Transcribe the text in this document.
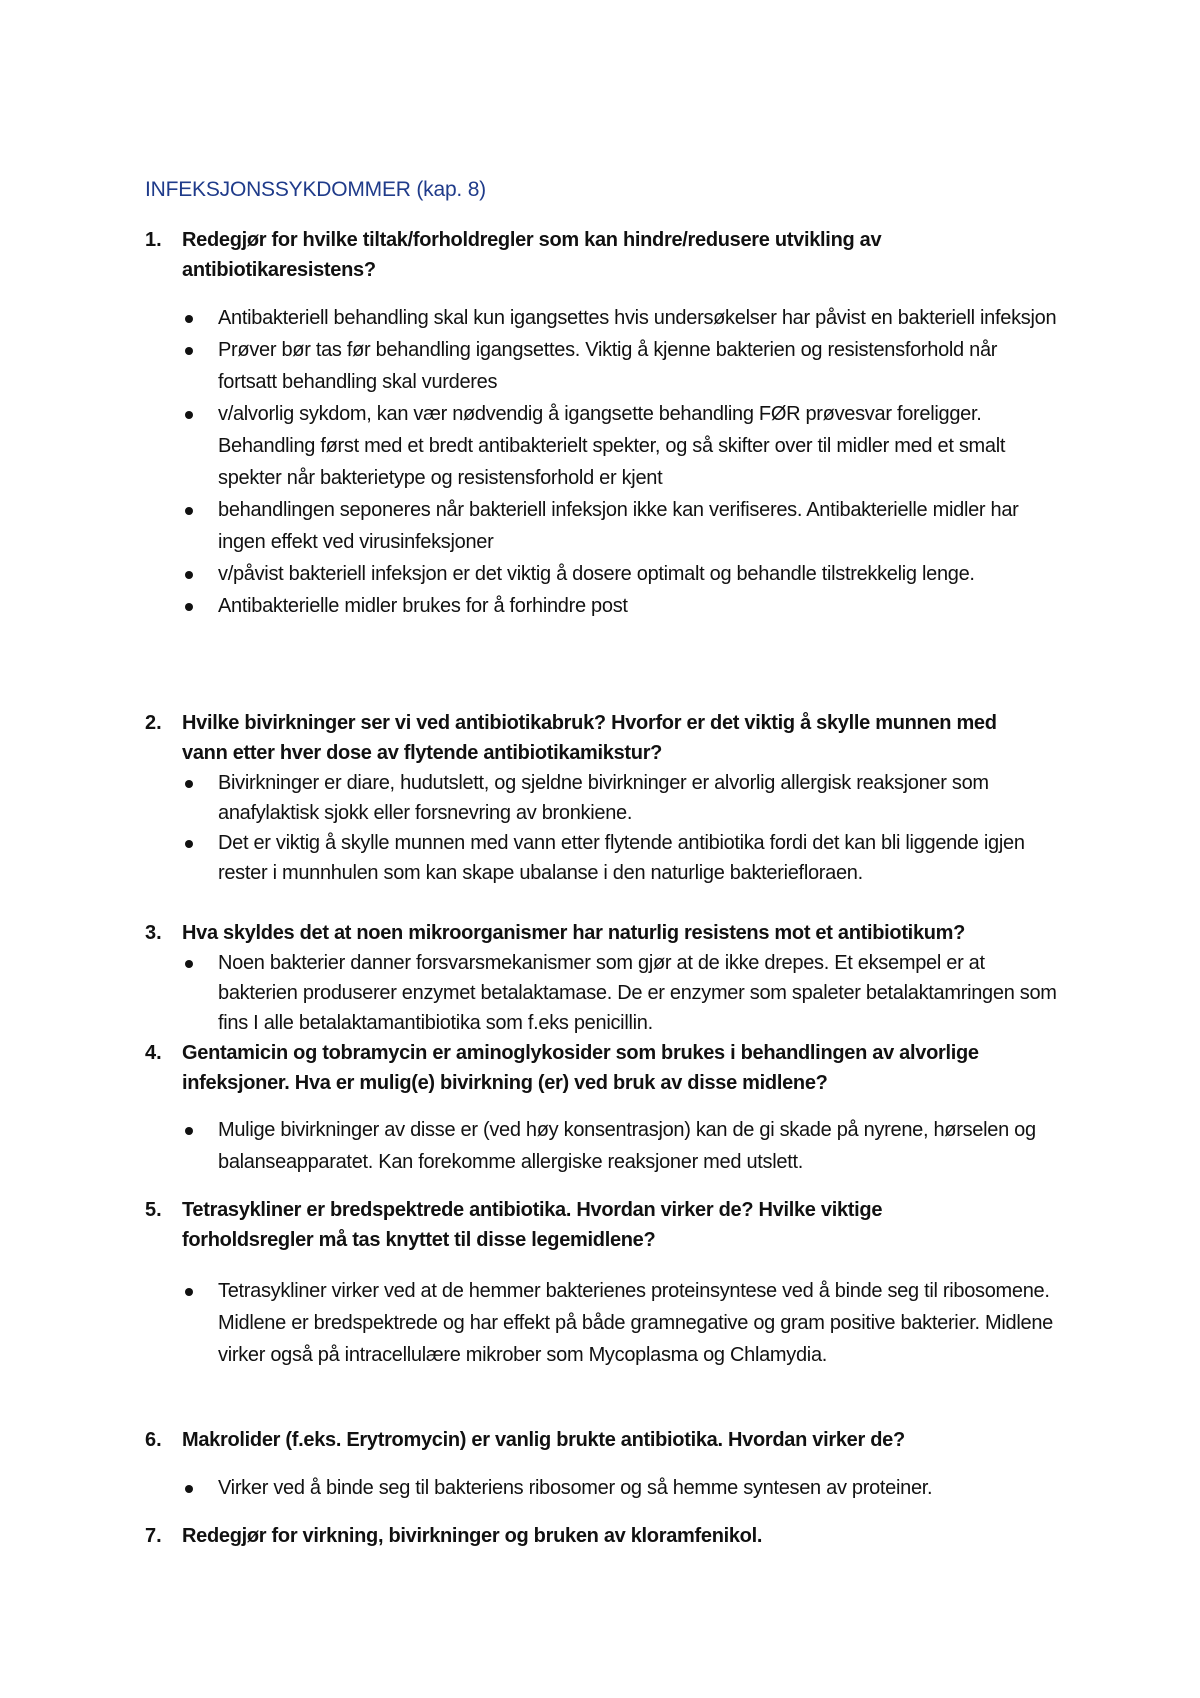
INFEKSJONSSYKDOMMER (kap. 8)
1.	Redegjør for hvilke tiltak/forholdregler som kan hindre/redusere utvikling av antibiotikaresistens?
Antibakteriell behandling skal kun igangsettes hvis undersøkelser har påvist en bakteriell infeksjon
Prøver bør tas før behandling igangsettes. Viktig å kjenne bakterien og resistensforhold når fortsatt behandling skal vurderes
v/alvorlig sykdom, kan vær nødvendig å igangsette behandling FØR prøvesvar foreligger. Behandling først med et bredt antibakterielt spekter, og så skifter over til midler med et smalt spekter når bakterietype og resistensforhold er kjent
behandlingen seponeres når bakteriell infeksjon ikke kan verifiseres. Antibakterielle midler har ingen effekt ved virusinfeksjoner
v/påvist bakteriell infeksjon er det viktig å dosere optimalt og behandle tilstrekkelig lenge.
Antibakterielle midler brukes for å forhindre post
2.	Hvilke bivirkninger ser vi ved antibiotikabruk? Hvorfor er det viktig å skylle munnen med vann etter hver dose av flytende antibiotikamikstur?
Bivirkninger er diare, hudutslett, og sjeldne bivirkninger er alvorlig allergisk reaksjoner som anafylaktisk sjokk eller forsnevring av bronkiene.
Det er viktig å skylle munnen med vann etter flytende antibiotika fordi det kan bli liggende igjen rester i munnhulen som kan skape ubalanse i den naturlige bakteriefloraen.
3.	Hva skyldes det at noen mikroorganismer har naturlig resistens mot et antibiotikum?
Noen bakterier danner forsvarsmekanismer som gjør at de ikke drepes. Et eksempel er at bakterien produserer enzymet betalaktamase. De er enzymer som spaleter betalaktamringen som fins I alle betalaktamantibiotika som f.eks penicillin.
4.	Gentamicin og tobramycin er aminoglykosider som brukes i behandlingen av alvorlige infeksjoner. Hva er mulig(e) bivirkning (er) ved bruk av disse midlene?
Mulige bivirkninger av disse er (ved høy konsentrasjon) kan de gi skade på nyrene, hørselen og balanseapparatet. Kan forekomme allergiske reaksjoner med utslett.
5.	Tetrasykliner er bredspektrede antibiotika. Hvordan virker de? Hvilke viktige forholdsregler må tas knyttet til disse legemidlene?
Tetrasykliner virker ved at de hemmer bakterienes proteinsyntese ved å binde seg til ribosomene. Midlene er bredspektrede og har effekt på både gramnegative og gram positive bakterier. Midlene virker også på intracellulære mikrober som Mycoplasma og Chlamydia.
6.	Makrolider (f.eks. Erytromycin) er vanlig brukte antibiotika. Hvordan virker de?
Virker ved å binde seg til bakteriens ribosomer og så hemme syntesen av proteiner.
7.	Redegjør for virkning, bivirkninger og bruken av kloramfenikol.
